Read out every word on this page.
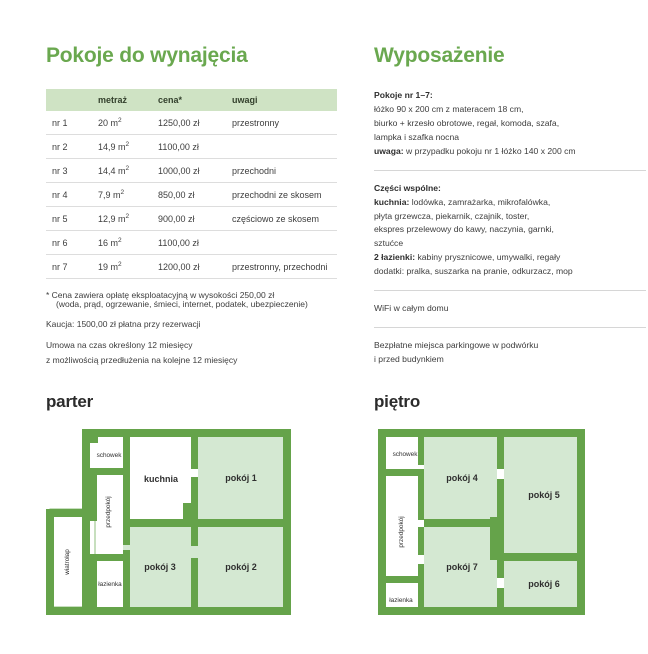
Pokoje do wynajęcia
	metraż	cena*	uwagi
nr 1	20 $m^2$	1250,00 zł	przestronny
nr 2	14,9 $m^2$	1100,00 zł	
nr 3	14,4 $m^2$	1000,00 zł	przechodni
nr 4	7,9 $m^2$	850,00 zł	przechodni ze skosem
nr 5	12,9 $m^2$	900,00 zł	częściowo ze skosem
nr 6	16 $m^2$	1100,00 zł	
nr 7	19 $m^2$	1200,00 zł	przestronny, przechodni

* Cena zawiera opłatę eksploatacyjną w wysokości 250,00 zł

(woda, prąd, ogrzewanie, śmieci, internet, podatek, ubezpieczenie)

Kaucja: 1500,00 zł płatna przy rezerwacji

Umowa na czas określony 12 miesięcy

z możliwością przedłużenia na kolejne 12 miesięcy

Wyposażenie

Pokoje nr 1–7:

łóżko 90 x 200 cm z materacem 18 cm,

biurko + krzesło obrotowe, regał, komoda, szafa,

lampka i szafka nocna

uwaga: w przypadku pokoju nr 1 łóżko 140 x 200 cm

Części wspólne:

kuchnia: lodówka, zamrażarka, mikrofalówka,

płyta grzewcza, piekarnik, czajnik, toster,

ekspres przelewowy do kawy, naczynia, garnki,

sztućce

2 łazienki: kabiny prysznicowe, umywalki, regały

dodatki: pralka, suszarka na pranie, odkurzacz, mop

WiFi w całym domu

Bezpłatne miejsca parkingowe w podwórku

i przed budynkiem

parter
schowek
przedpokój
kuchnia	pokój 1
wiatrołap
łazienka
pokój 3	pokój 2
piętro
schowek
przedpokój
pokój 4
pokój 5
pokój 7
pokój 6
łazienka
